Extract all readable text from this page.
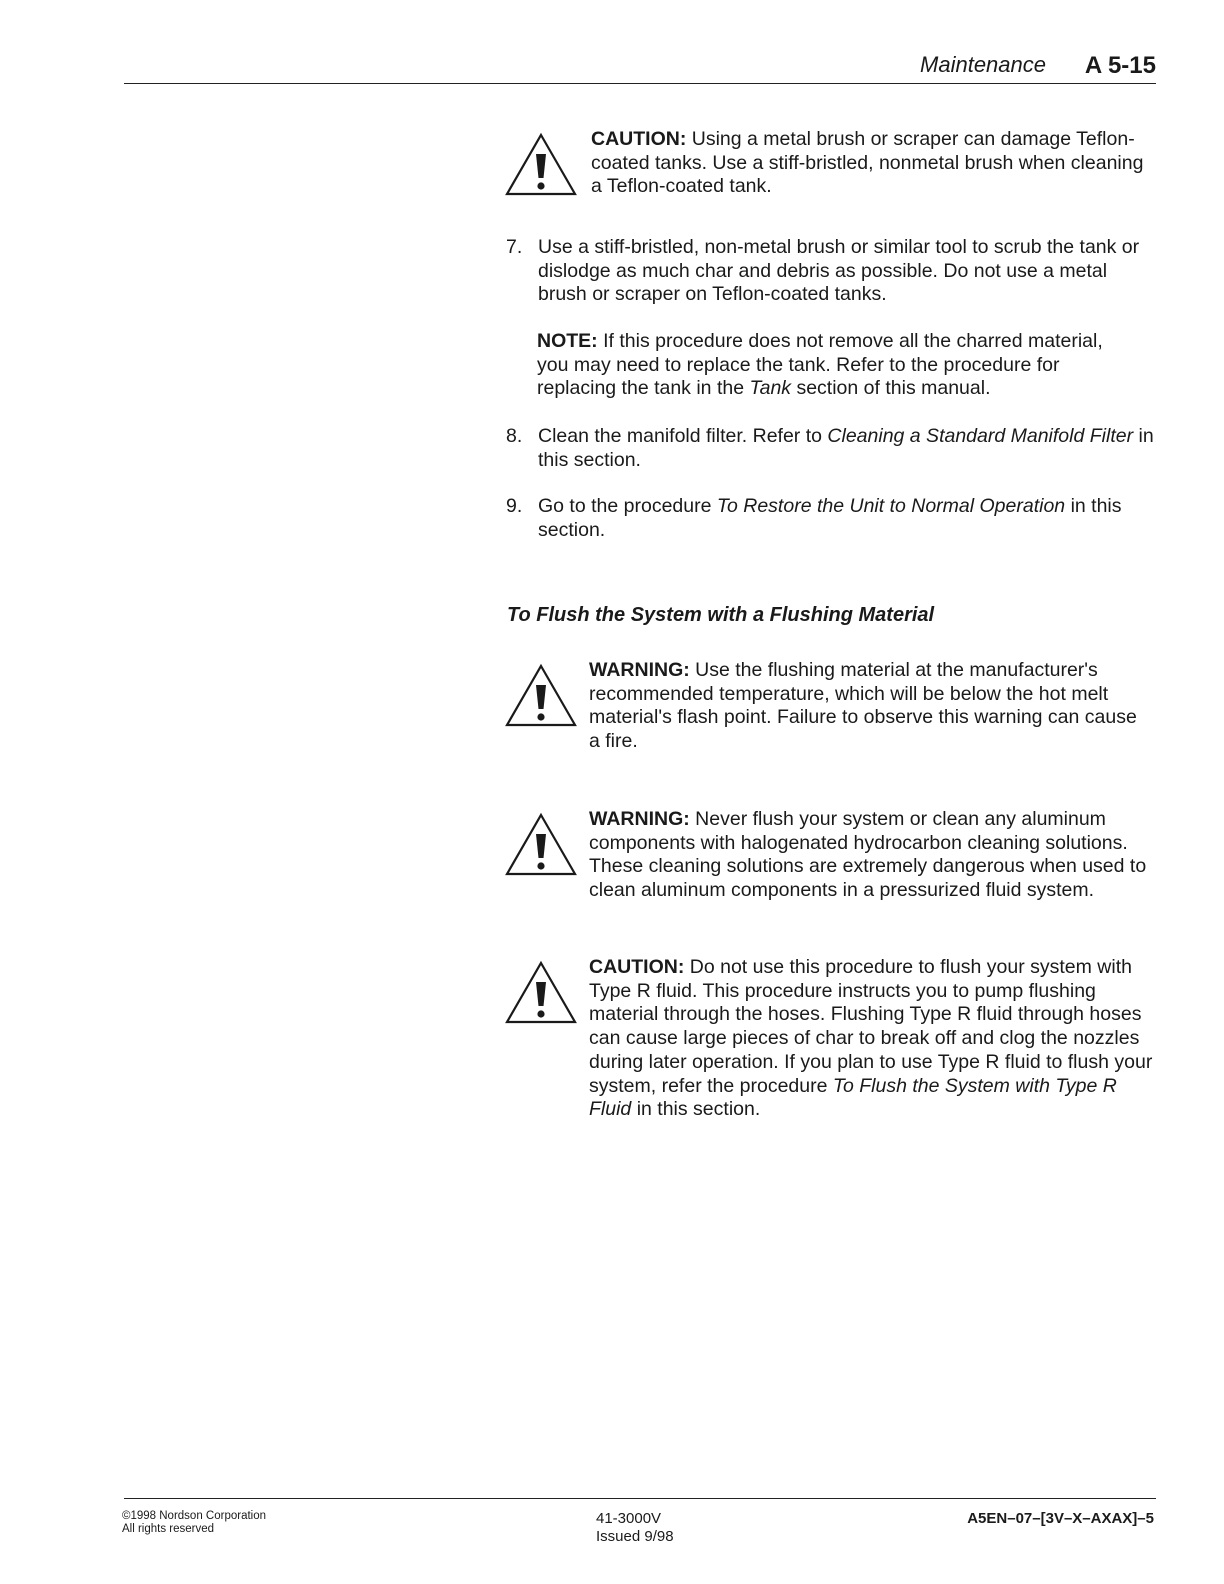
Maintenance A 5-15
CAUTION: Using a metal brush or scraper can damage Teflon-coated tanks. Use a stiff-bristled, nonmetal brush when cleaning a Teflon-coated tank.
7. Use a stiff-bristled, non-metal brush or similar tool to scrub the tank or dislodge as much char and debris as possible. Do not use a metal brush or scraper on Teflon-coated tanks.
NOTE: If this procedure does not remove all the charred material, you may need to replace the tank. Refer to the procedure for replacing the tank in the Tank section of this manual.
8. Clean the manifold filter. Refer to Cleaning a Standard Manifold Filter in this section.
9. Go to the procedure To Restore the Unit to Normal Operation in this section.
To Flush the System with a Flushing Material
WARNING: Use the flushing material at the manufacturer's recommended temperature, which will be below the hot melt material's flash point. Failure to observe this warning can cause a fire.
WARNING: Never flush your system or clean any aluminum components with halogenated hydrocarbon cleaning solutions. These cleaning solutions are extremely dangerous when used to clean aluminum components in a pressurized fluid system.
CAUTION: Do not use this procedure to flush your system with Type R fluid. This procedure instructs you to pump flushing material through the hoses. Flushing Type R fluid through hoses can cause large pieces of char to break off and clog the nozzles during later operation. If you plan to use Type R fluid to flush your system, refer the procedure To Flush the System with Type R Fluid in this section.
©1998 Nordson Corporation
All rights reserved
41-3000V
Issued 9/98
A5EN–07–[3V–X–AXAX]–5
